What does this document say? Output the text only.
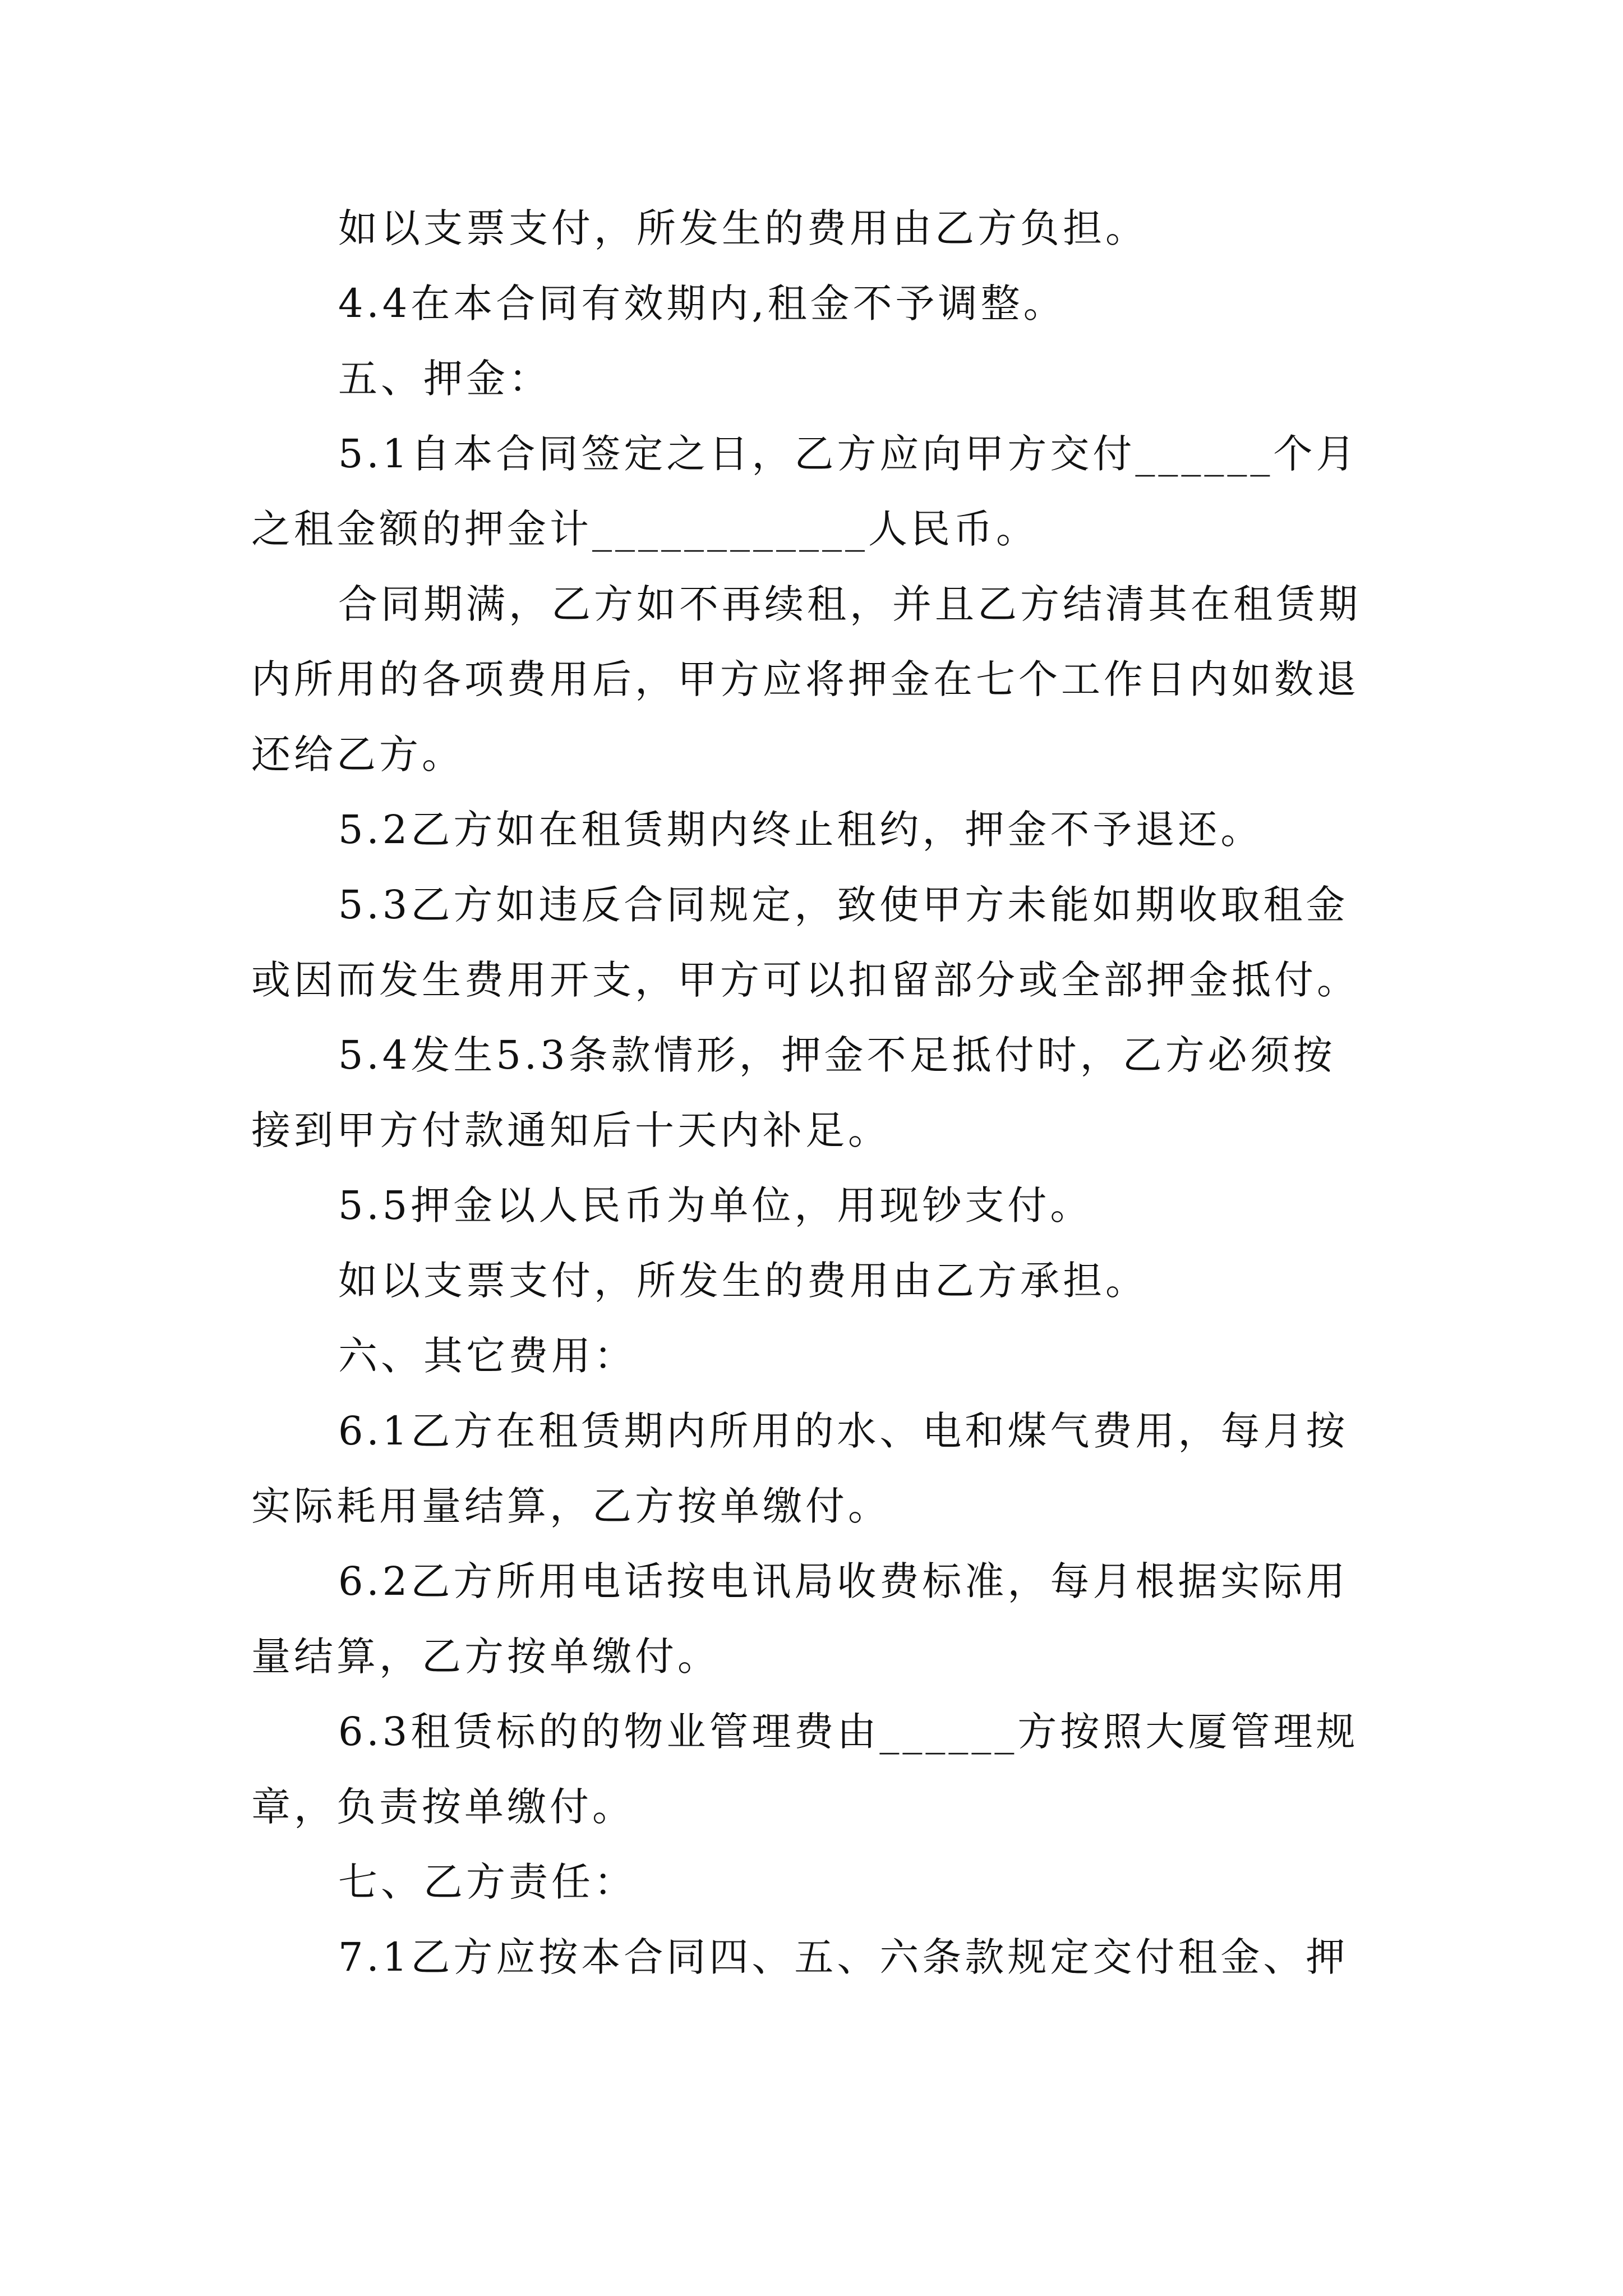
如以支票支付，所发生的费用由乙方负担。
4.4在本合同有效期内,租金不予调整。
五、押金：
5.1自本合同签定之日，乙方应向甲方交付______个月
之租金额的押金计____________人民币。
合同期满，乙方如不再续租，并且乙方结清其在租赁期
内所用的各项费用后，甲方应将押金在七个工作日内如数退
还给乙方。
5.2乙方如在租赁期内终止租约，押金不予退还。
5.3乙方如违反合同规定，致使甲方未能如期收取租金
或因而发生费用开支，甲方可以扣留部分或全部押金抵付。
5.4发生5.3条款情形，押金不足抵付时，乙方必须按
接到甲方付款通知后十天内补足。
5.5押金以人民币为单位，用现钞支付。
如以支票支付，所发生的费用由乙方承担。
六、其它费用：
6.1乙方在租赁期内所用的水、电和煤气费用，每月按
实际耗用量结算，乙方按单缴付。
6.2乙方所用电话按电讯局收费标准，每月根据实际用
量结算，乙方按单缴付。
6.3租赁标的的物业管理费由______方按照大厦管理规
章，负责按单缴付。
七、乙方责任：
7.1乙方应按本合同四、五、六条款规定交付租金、押
